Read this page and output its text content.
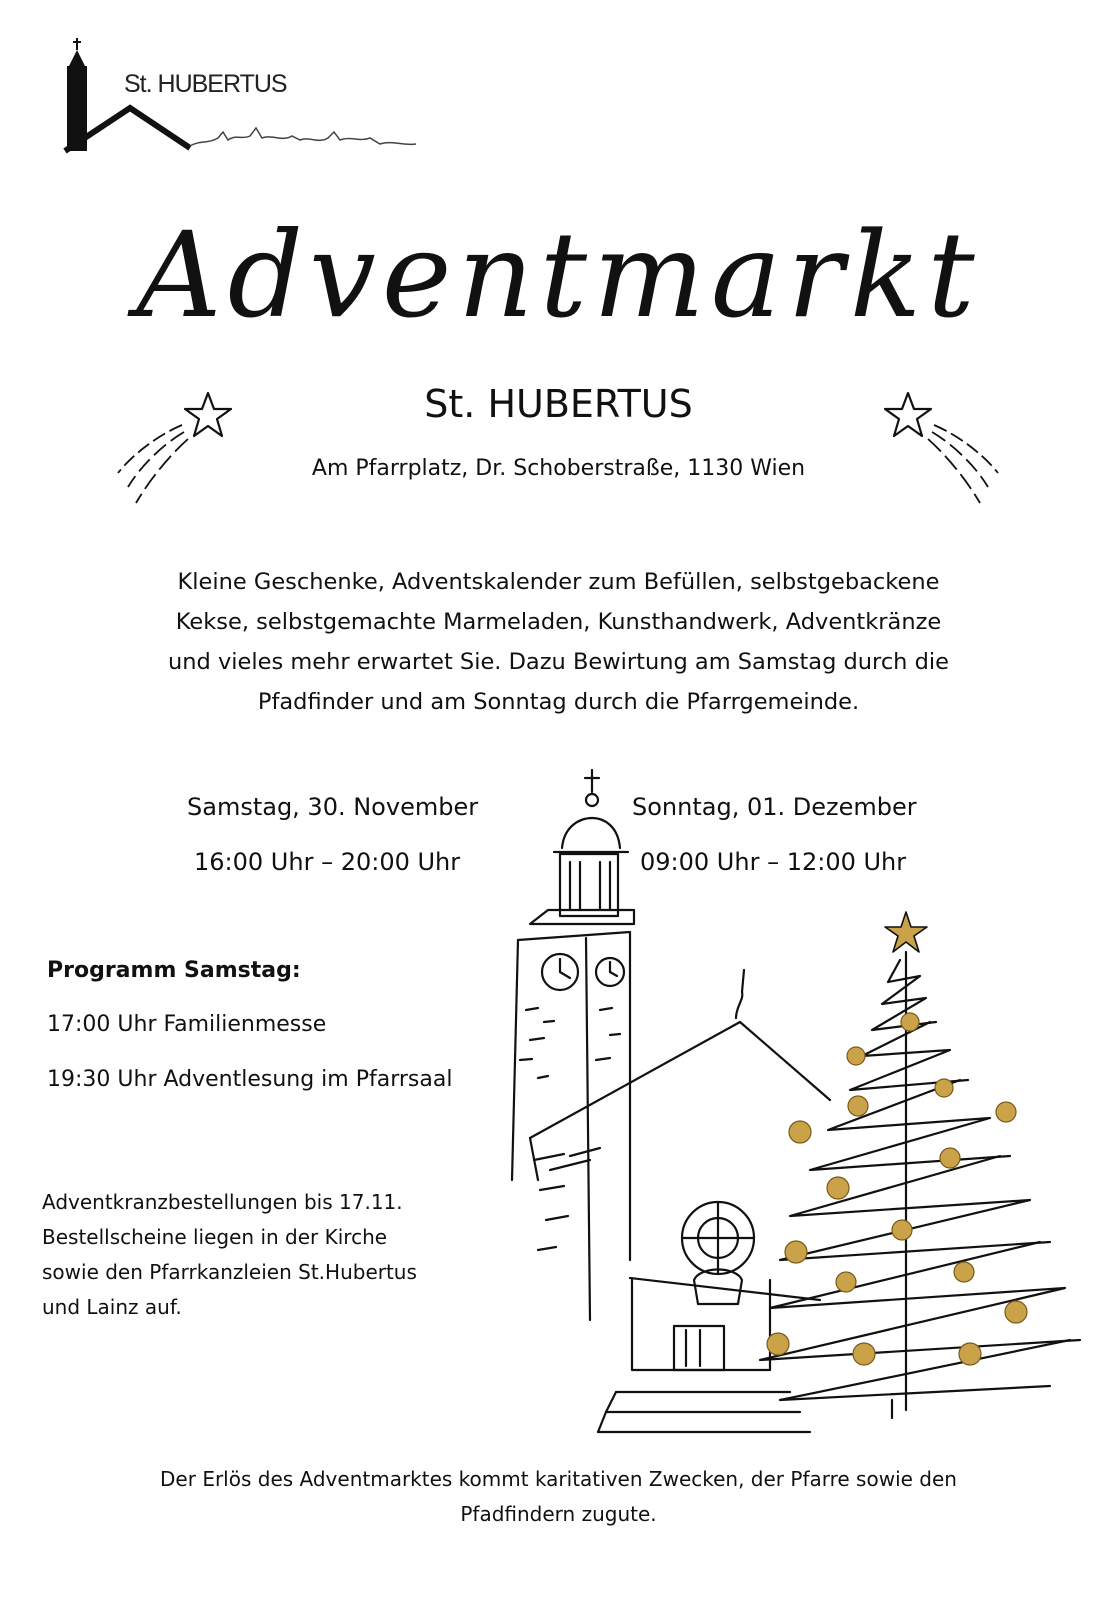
St. HUBERTUS
Adventmarkt
St. HUBERTUS
Am Pfarrplatz, Dr. Schoberstraße, 1130 Wien
Kleine Geschenke, Adventskalender zum Befüllen, selbstgebackene
Kekse, selbstgemachte Marmeladen, Kunsthandwerk, Adventkränze
und vieles mehr erwartet Sie. Dazu Bewirtung am Samstag durch die
Pfadfinder und am Sonntag durch die Pfarrgemeinde.
Samstag, 30. November
16:00 Uhr – 20:00 Uhr
Sonntag, 01. Dezember
09:00 Uhr – 12:00 Uhr
Programm Samstag:
17:00 Uhr Familienmesse
19:30 Uhr Adventlesung im Pfarrsaal
Adventkranzbestellungen bis 17.11.
Bestellscheine liegen in der Kirche
sowie den Pfarrkanzleien St.Hubertus
und Lainz auf.
Der Erlös des Adventmarktes kommt karitativen Zwecken, der Pfarre sowie den
Pfadfindern zugute.
